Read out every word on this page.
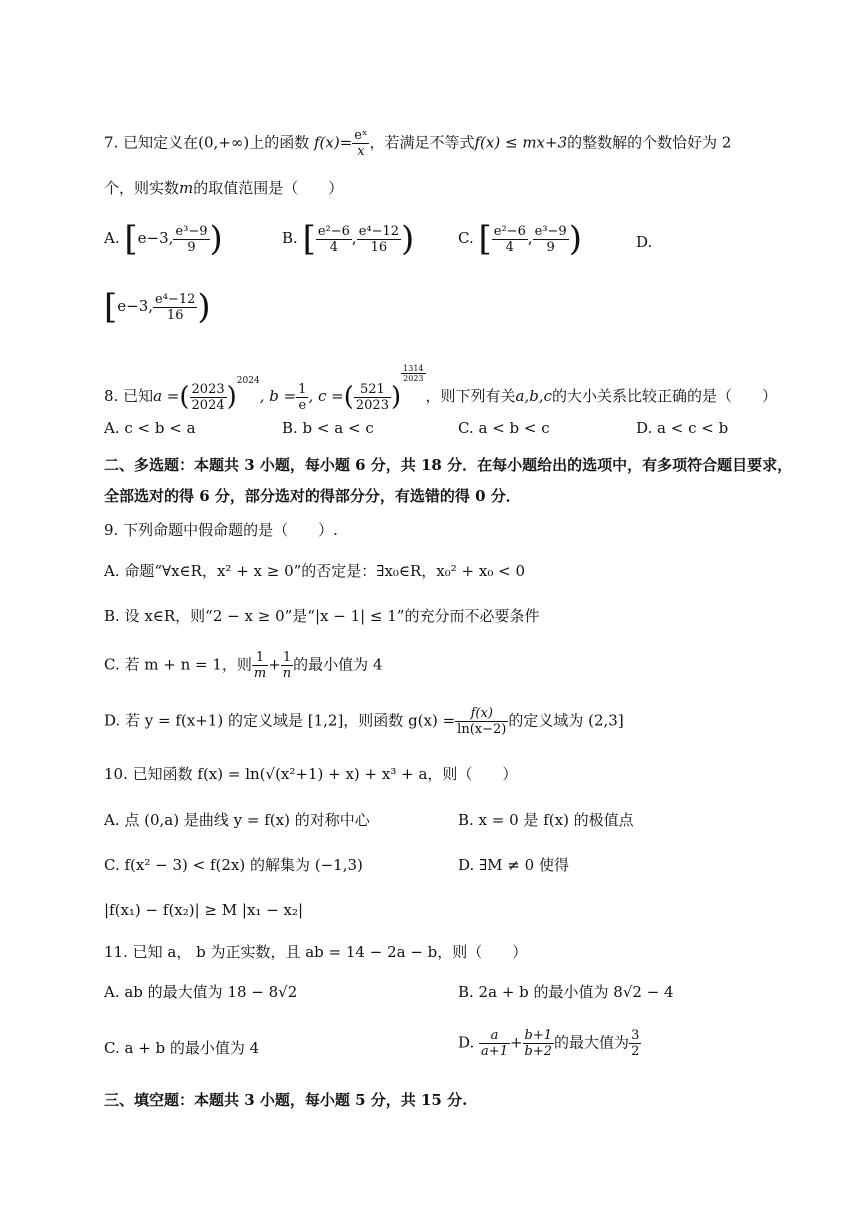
7. 已知定义在(0,+∞)上的函数 $f(x)= \frac{\text{eˣ}}{x}$ ，若满足不等式f(x) ≤ mx+3的整数解的个数恰好为 2
个，则实数m的取值范围是（　　）
A. [e−3, $\frac{\text{e³−9}}{9}$ )	B. [ $\frac{\text{e²−6}}{4}$ , $\frac{\text{e⁴−12}}{16}$ )	C. [ $\frac{\text{e²−6}}{4}$ , $\frac{\text{e³−9}}{9}$ )	D.
[e−3, $\frac{\text{e⁴−12}}{16}$ )
8. 已知a =( $\frac{2023}{2024} )^{2024}$, $b = \frac{1}{e}$ , c =( $\frac{521}{2023}$ )
$\frac{1314}{2023}$
，则下列有关a,b,c的大小关系比较正确的是（　　）
A. c < b < a	B. b < a < c	C. a < b < c	D. a < c < b
二、多选题：本题共 3 小题，每小题 6 分，共 18 分．在每小题给出的选项中，有多项符合题目要求，
全部选对的得 6 分，部分选对的得部分分，有选错的得 0 分．
9. 下列命题中假命题的是（　　）.
A. 命题“∀x∈R，x² + x ≥ 0”的否定是：∃x₀∈R，x₀² + x₀ < 0
B. 设 x∈R，则“2 − x ≥ 0”是“|x − 1| ≤ 1”的充分而不必要条件
C. 若 m + n = 1，则 $\frac{1}{m} + \frac{1}{n}$ 的最小值为 4
D. 若 y = f(x+1) 的定义域是 [1,2]，则函数 $g(x) = \frac{f(x)}{\ln(x-2)}$ 的定义域为 (2,3]
10. 已知函数 f(x) = ln(√(x²+1) + x) + x³ + a，则（　　）
A. 点 (0,a) 是曲线 y = f(x) 的对称中心	B. x = 0 是 f(x) 的极值点
C. f(x² − 3) < f(2x) 的解集为 (−1,3)	D. ∃M ≠ 0 使得
|f(x₁) − f(x₂)| ≥ M |x₁ − x₂|
11. 已知 a， b 为正实数，且 ab = 14 − 2a − b，则（　　）
A. ab 的最大值为 18 − 8√2	B. 2a + b 的最小值为 8√2 − 4
C. a + b 的最小值为 4	D. $\frac{a}{a+1} + \frac{b+1}{b+2}$ 的最大值为 $\frac{3}{2}$
三、填空题：本题共 3 小题，每小题 5 分，共 15 分.
